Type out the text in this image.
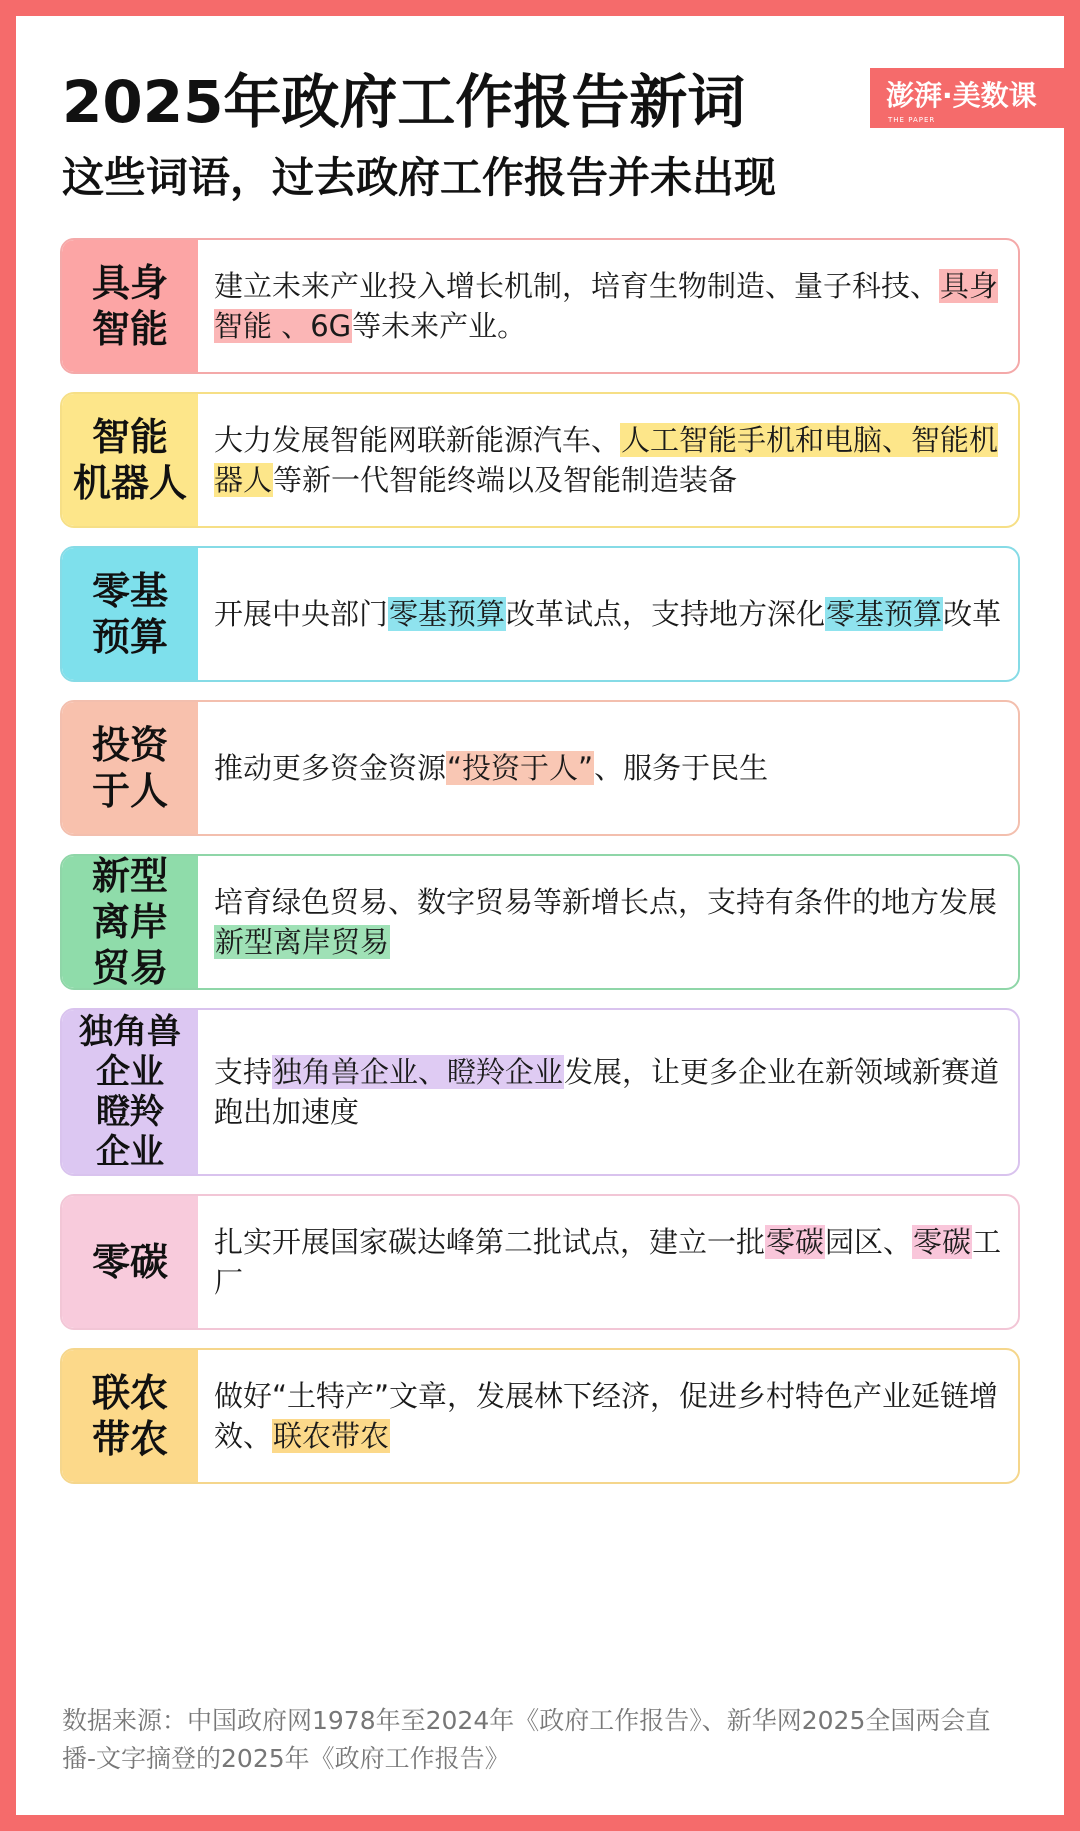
2025年政府工作报告新词
这些词语，过去政府工作报告并未出现
澎湃·美数课
THE PAPER
具身
智能

建立未来产业投入增长机制，培育生物制造、量子科技、具身智能 、6G等未来产业。

智能
机器人

大力发展智能网联新能源汽车、人工智能手机和电脑、智能机器人等新一代智能终端以及智能制造装备

零基
预算

开展中央部门零基预算改革试点，支持地方深化零基预算改革

投资
于人

推动更多资金资源“投资于人”、服务于民生

新型
离岸
贸易

培育绿色贸易、数字贸易等新增长点，支持有条件的地方发展新型离岸贸易

独角兽
企业
瞪羚
企业

支持独角兽企业、瞪羚企业发展，让更多企业在新领域新赛道跑出加速度

零碳 扎实开展国家碳达峰第二批试点，建立一批零碳园区、零碳工厂

联农
带农

做好“土特产”文章，发展林下经济，促进乡村特色产业延链增效、联农带农

数据来源：中国政府网1978年至2024年《政府工作报告》、新华网2025全国两会直播-文字摘登的2025年《政府工作报告》
